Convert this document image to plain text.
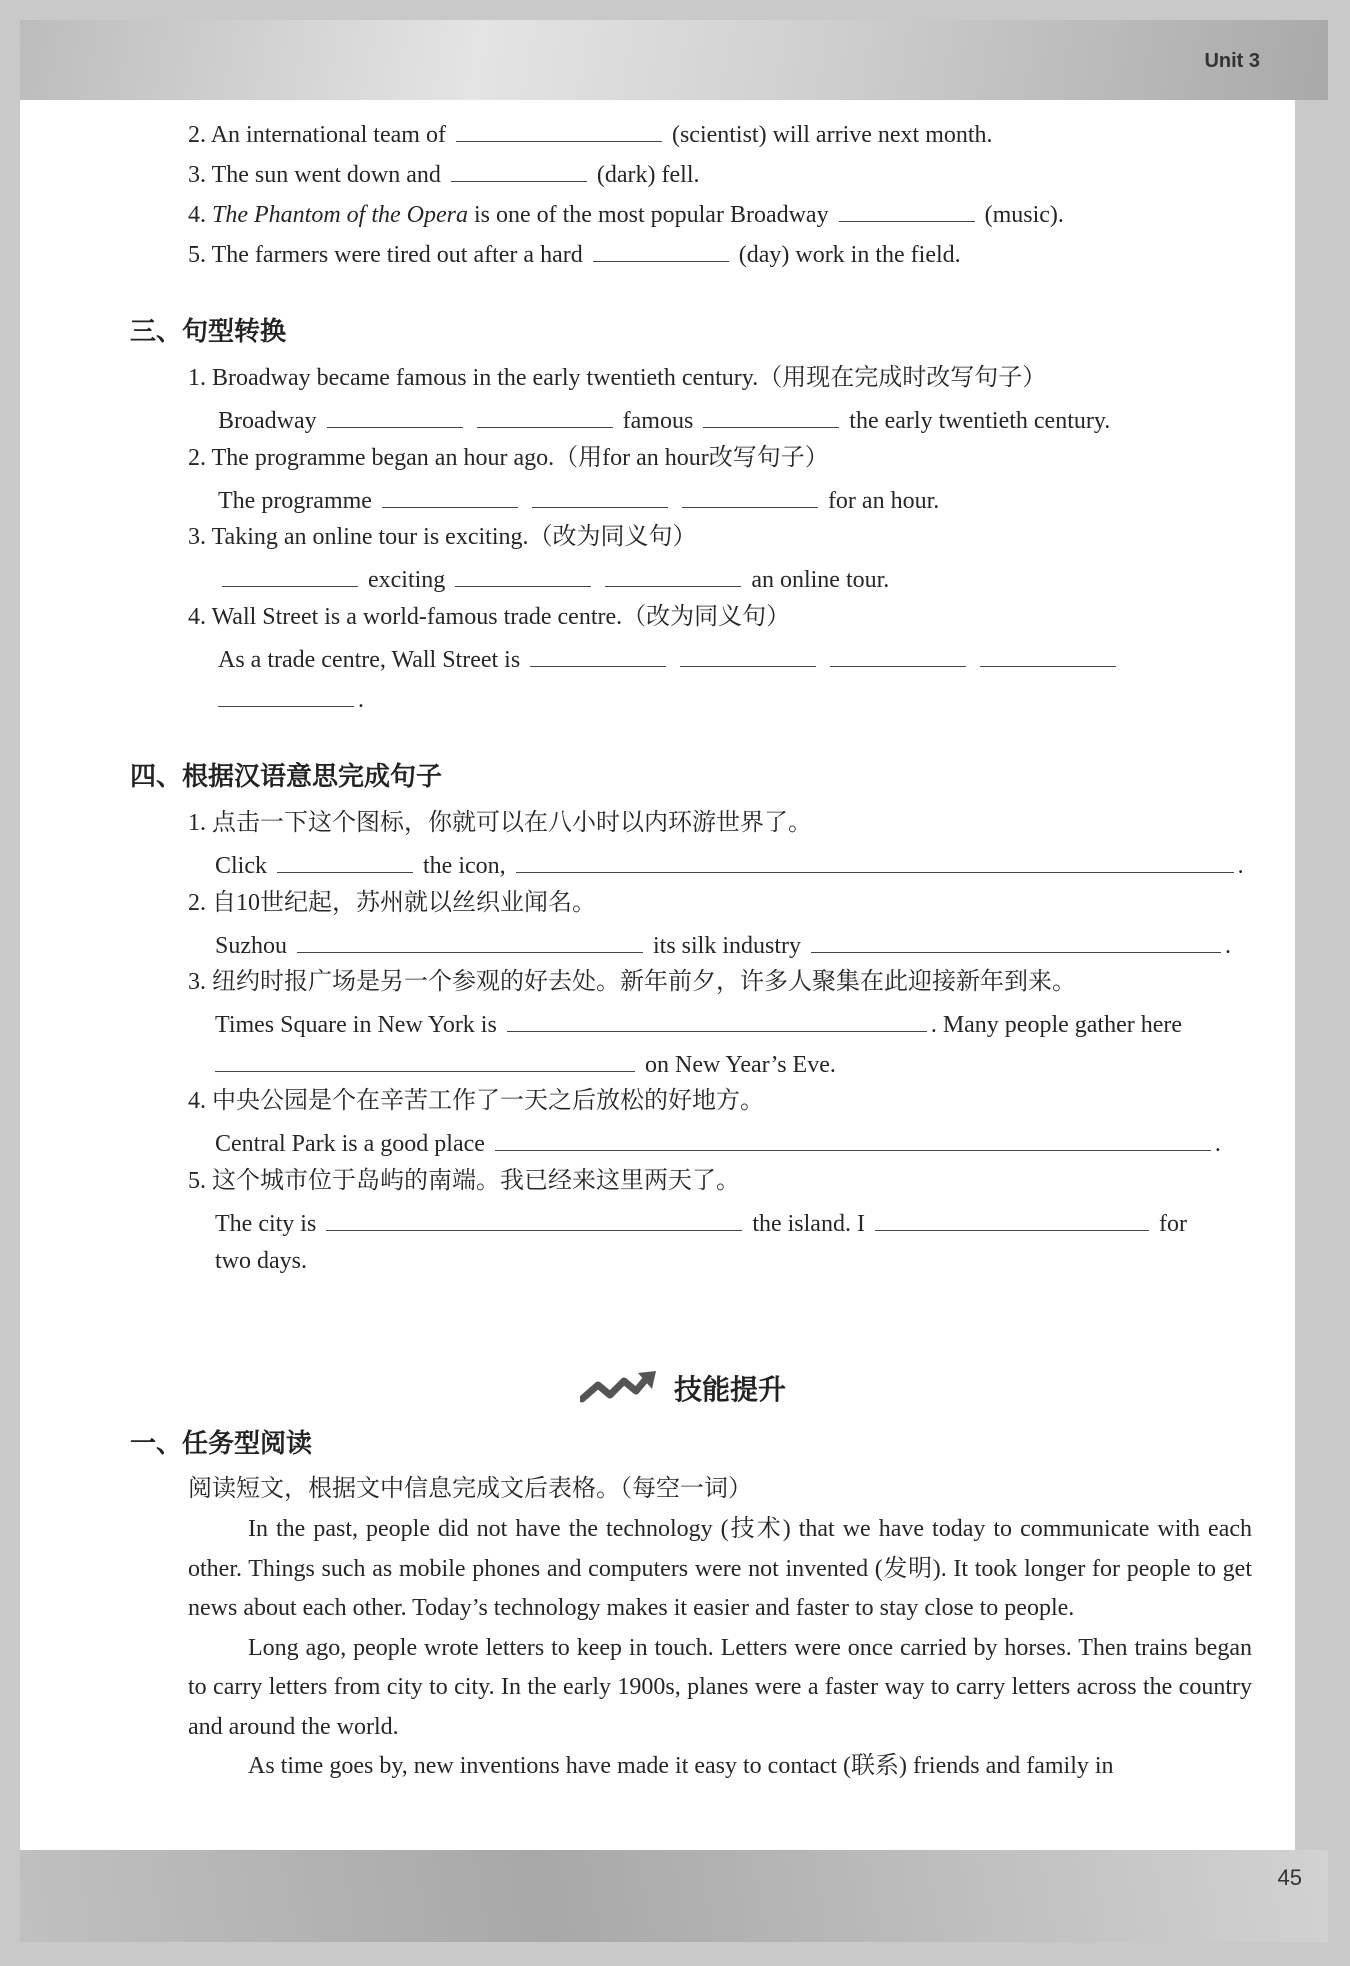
Unit 3
2. An international team of	(scientist) will arrive next month.
3. The sun went down and	(dark) fell.
4. The Phantom of the Opera is one of the most popular Broadway	(music).
5. The farmers were tired out after a hard	(day) work in the field.
三、句型转换
1. Broadway became famous in the early twentieth century.（用现在完成时改写句子）
Broadway	famous	the early twentieth century.
2. The programme began an hour ago.（用for an hour改写句子）
The programme	for an hour.
3. Taking an online tour is exciting.（改为同义句）
exciting	an online tour.
4. Wall Street is a world-famous trade centre.（改为同义句）
As a trade centre, Wall Street is
.
四、根据汉语意思完成句子
1. 点击一下这个图标，你就可以在八小时以内环游世界了。
Click	the icon,	.
2. 自10世纪起，苏州就以丝织业闻名。
Suzhou	its silk industry	.
3. 纽约时报广场是另一个参观的好去处。新年前夕，许多人聚集在此迎接新年到来。
Times Square in New York is	. Many people gather here
on New Year’s Eve.
4. 中央公园是个在辛苦工作了一天之后放松的好地方。
Central Park is a good place	.
5. 这个城市位于岛屿的南端。我已经来这里两天了。
The city is	the island. I	for
two days.
技能提升
一、任务型阅读
阅读短文，根据文中信息完成文后表格。（每空一词）

In the past, people did not have the technology (技术) that we have today to communicate with each other. Things such as mobile phones and computers were not invented (发明). It took longer for people to get news about each other. Today’s technology makes it easier and faster to stay close to people.

Long ago, people wrote letters to keep in touch. Letters were once carried by horses. Then trains began to carry letters from city to city. In the early 1900s, planes were a faster way to carry letters across the country and around the world.

As time goes by, new inventions have made it easy to contact (联系) friends and family in

45
